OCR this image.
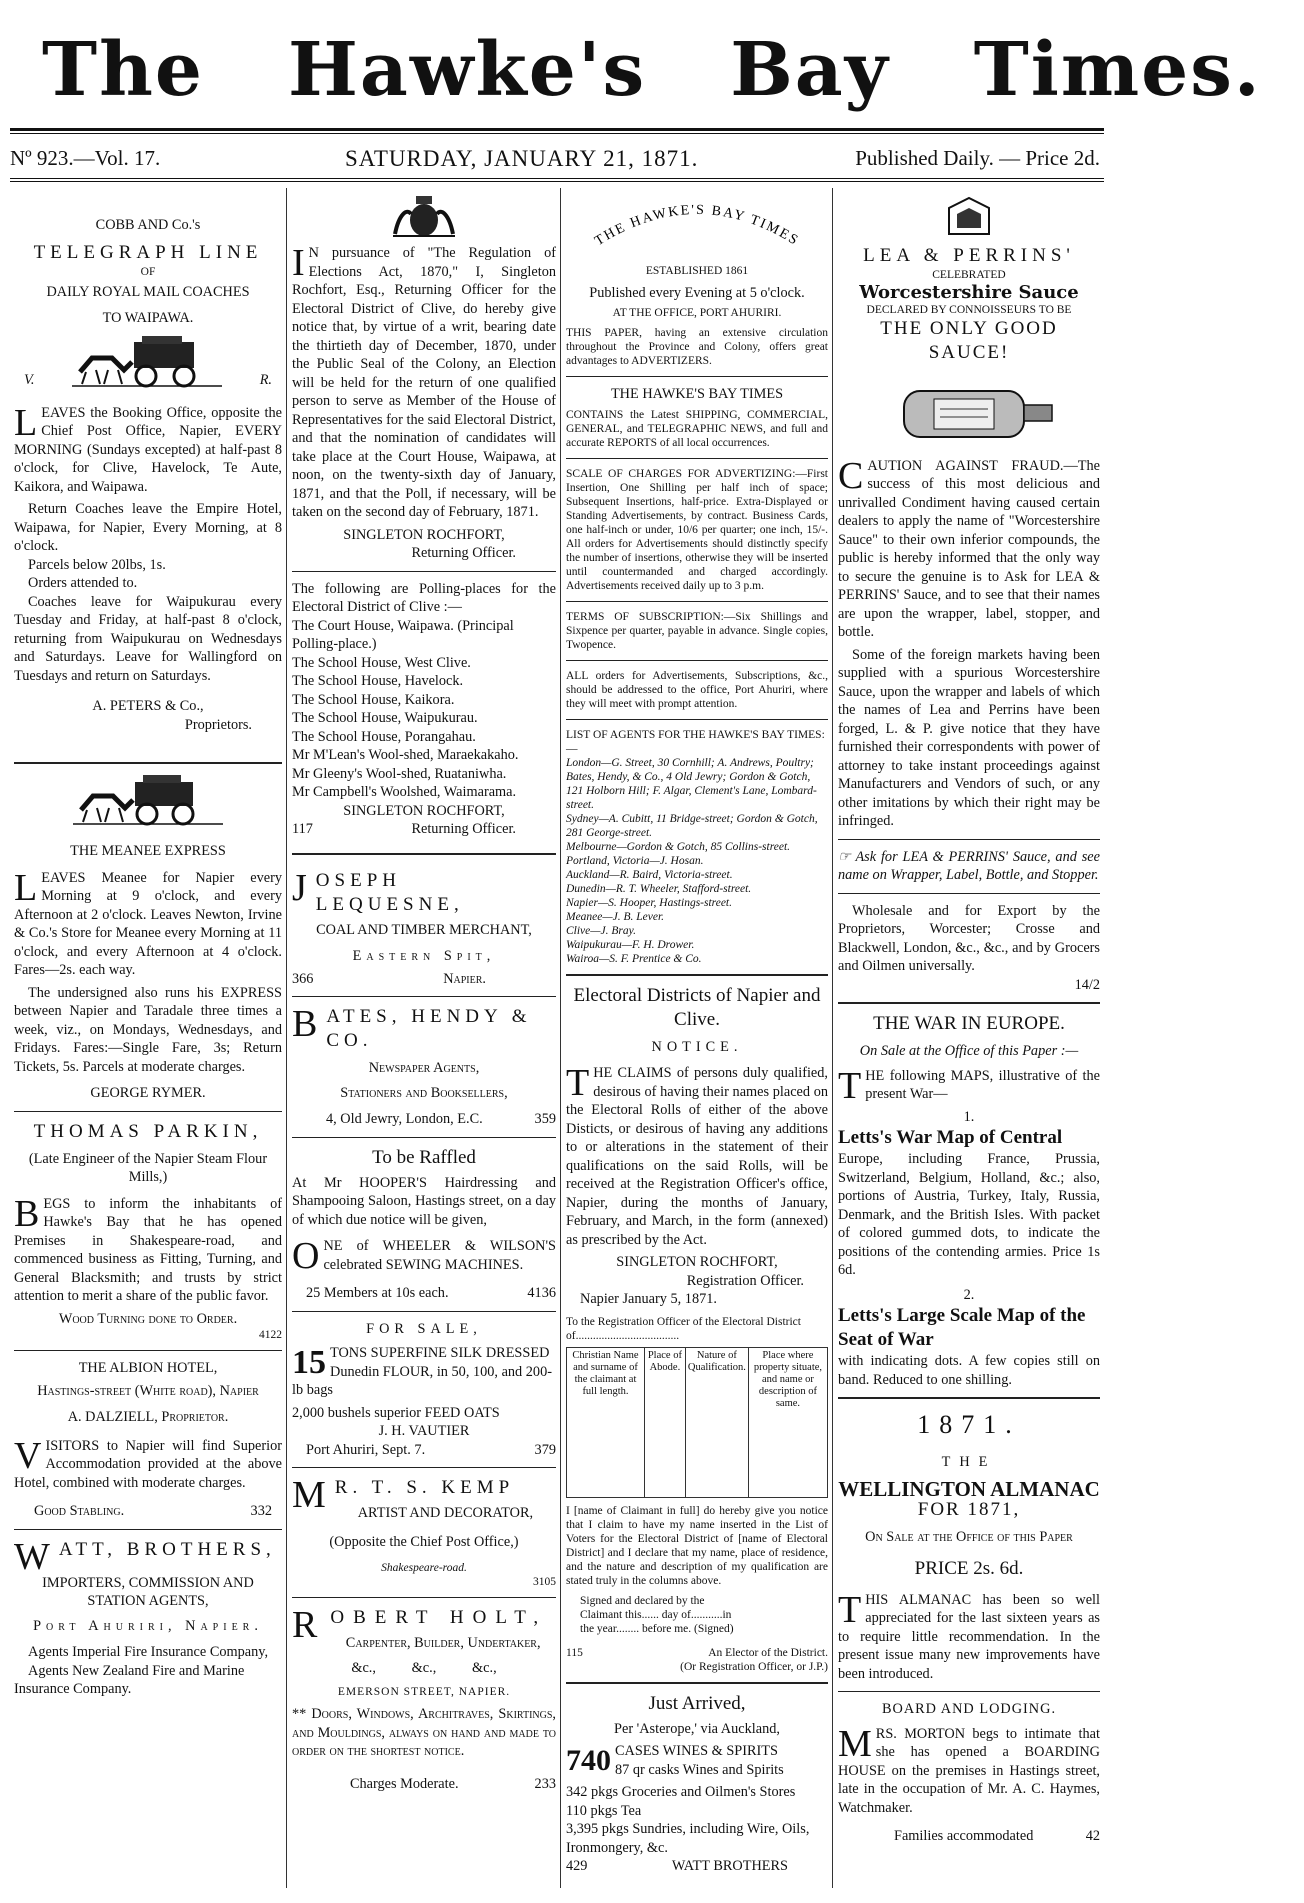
The Hawke's Bay Times.
Nº 923.—Vol. 17.	SATURDAY, JANUARY 21, 1871.	Published Daily. — Price 2d.
COBB AND Co.'s
TELEGRAPH LINE
OF
DAILY ROYAL MAIL COACHES
TO WAIPAWA.
V.	R.
LEAVES the Booking Office, opposite the Chief Post Office, Napier, EVERY MORNING (Sundays excepted) at half-past 8 o'clock, for Clive, Havelock, Te Aute, Kaikora, and Waipawa.
Return Coaches leave the Empire Hotel, Waipawa, for Napier, Every Morning, at 8 o'clock.
Parcels below 20lbs, 1s.
Orders attended to.
Coaches leave for Waipukurau every Tuesday and Friday, at half-past 8 o'clock, returning from Waipukurau on Wednesdays and Saturdays. Leave for Wallingford on Tuesdays and return on Saturdays.
A. PETERS & Co.,
Proprietors.
THE MEANEE EXPRESS
LEAVES Meanee for Napier every Morning at 9 o'clock, and every Afternoon at 2 o'clock. Leaves Newton, Irvine & Co.'s Store for Meanee every Morning at 11 o'clock, and every Afternoon at 4 o'clock. Fares—2s. each way.
The undersigned also runs his EXPRESS between Napier and Taradale three times a week, viz., on Mondays, Wednesdays, and Fridays. Fares:—Single Fare, 3s; Return Tickets, 5s. Parcels at moderate charges.
GEORGE RYMER.
THOMAS PARKIN,
(Late Engineer of the Napier Steam Flour Mills,)
BEGS to inform the inhabitants of Hawke's Bay that he has opened Premises in Shakespeare-road, and commenced business as Fitting, Turning, and General Blacksmith; and trusts by strict attention to merit a share of the public favor.
Wood Turning done to Order.
4122
THE ALBION HOTEL,
Hastings-street (White road), Napier
A. DALZIELL, Proprietor.
VISITORS to Napier will find Superior Accommodation provided at the above Hotel, combined with moderate charges.
Good Stabling.	332
WATT, BROTHERS,
IMPORTERS, COMMISSION AND STATION AGENTS,
Port Ahuriri, Napier.
Agents Imperial Fire Insurance Company,
Agents New Zealand Fire and Marine Insurance Company.
I N pursuance of "The Regulation of Elections Act, 1870," I, Singleton Rochfort, Esq., Returning Officer for the Electoral District of Clive, do hereby give notice that, by virtue of a writ, bearing date the thirtieth day of December, 1870, under the Public Seal of the Colony, an Election will be held for the return of one qualified person to serve as Member of the House of Representatives for the said Electoral District, and that the nomination of candidates will take place at the Court House, Waipawa, at noon, on the twenty-sixth day of January, 1871, and that the Poll, if necessary, will be taken on the second day of February, 1871.
SINGLETON ROCHFORT,
Returning Officer.
The following are Polling-places for the Electoral District of Clive :—
The Court House, Waipawa. (Principal Polling-place.)
The School House, West Clive.
The School House, Havelock.
The School House, Kaikora.
The School House, Waipukurau.
The School House, Porangahau.
Mr M'Lean's Wool-shed, Maraekakaho.
Mr Gleeny's Wool-shed, Ruataniwha.
Mr Campbell's Woolshed, Waimarama.
SINGLETON ROCHFORT,
117	Returning Officer.
JOSEPH LEQUESNE,
COAL AND TIMBER MERCHANT,
Eastern Spit,
366	Napier.
BATES, HENDY & CO.
Newspaper Agents,
Stationers and Booksellers,
4, Old Jewry, London, E.C.	359
To be Raffled
At Mr HOOPER'S Hairdressing and Shampooing Saloon, Hastings street, on a day of which due notice will be given,
ONE of WHEELER & WILSON'S celebrated SEWING MACHINES.
25 Members at 10s each.	4136
FOR SALE,
15 TONS SUPERFINE SILK DRESSED Dunedin FLOUR, in 50, 100, and 200-lb bags
2,000 bushels superior FEED OATS
J. H. VAUTIER
Port Ahuriri, Sept. 7.	379
M R. T. S. KEMP
ARTIST AND DECORATOR,
(Opposite the Chief Post Office,)
Shakespeare-road.
3105
ROBERT HOLT,
Carpenter, Builder, Undertaker,
&c.,          &c.,          &c.,
EMERSON STREET, NAPIER.
** Doors, Windows, Architraves, Skirtings, and Mouldings, always on hand and made to order on the shortest notice.
Charges Moderate.	233
THE HAWKE'S BAY TIMES
ESTABLISHED 1861
Published every Evening at 5 o'clock.
AT THE OFFICE, PORT AHURIRI.
THIS PAPER, having an extensive circulation throughout the Province and Colony, offers great advantages to ADVERTIZERS.
THE HAWKE'S BAY TIMES
CONTAINS the Latest SHIPPING, COMMERCIAL, GENERAL, and TELEGRAPHIC NEWS, and full and accurate REPORTS of all local occurrences.
SCALE OF CHARGES FOR ADVERTIZING:—First Insertion, One Shilling per half inch of space; Subsequent Insertions, half-price. Extra-Displayed or Standing Advertisements, by contract. Business Cards, one half-inch or under, 10/6 per quarter; one inch, 15/-. All orders for Advertisements should distinctly specify the number of insertions, otherwise they will be inserted until countermanded and charged accordingly. Advertisements received daily up to 3 p.m.
TERMS OF SUBSCRIPTION:—Six Shillings and Sixpence per quarter, payable in advance. Single copies, Twopence.
ALL orders for Advertisements, Subscriptions, &c., should be addressed to the office, Port Ahuriri, where they will meet with prompt attention.
LIST OF AGENTS FOR THE HAWKE'S BAY TIMES:—
London—G. Street, 30 Cornhill; A. Andrews, Poultry; Bates, Hendy, & Co., 4 Old Jewry; Gordon & Gotch, 121 Holborn Hill; F. Algar, Clement's Lane, Lombard-street.
Sydney—A. Cubitt, 11 Bridge-street; Gordon & Gotch, 281 George-street.
Melbourne—Gordon & Gotch, 85 Collins-street.
Portland, Victoria—J. Hosan.
Auckland—R. Baird, Victoria-street.
Dunedin—R. T. Wheeler, Stafford-street.
Napier—S. Hooper, Hastings-street.
Meanee—J. B. Lever.
Clive—J. Bray.
Waipukurau—F. H. Drower.
Wairoa—S. F. Prentice & Co.
Electoral Districts of Napier and Clive.
NOTICE.
THE CLAIMS of persons duly qualified, desirous of having their names placed on the Electoral Rolls of either of the above Disticts, or desirous of having any additions to or alterations in the statement of their qualifications on the said Rolls, will be received at the Registration Officer's office, Napier, during the months of January, February, and March, in the form (annexed) as prescribed by the Act.
SINGLETON ROCHFORT,
Registration Officer.
Napier January 5, 1871.
To the Registration Officer of the Electoral District of....................................
Christian Name and surname of the claimant at full length.	Place of Abode.	Nature of Qualification.	Place where property situate, and name or description of same.
I [name of Claimant in full] do hereby give you notice that I claim to have my name inserted in the List of Voters for the Electoral District of [name of Electoral District] and I declare that my name, place of residence, and the nature and description of my qualification are stated truly in the columns above.
Signed and declared by the Claimant this...... day of...........in the year........ before me. (Signed)
115	An Elector of the District.
(Or Registration Officer, or J.P.)
Just Arrived,
Per 'Asterope,' via Auckland,
740 CASES WINES & SPIRITS
87 qr casks Wines and Spirits
342 pkgs Groceries and Oilmen's Stores
110 pkgs Tea
3,395 pkgs Sundries, including Wire, Oils, Ironmongery, &c.
429	WATT BROTHERS
LEA & PERRINS'
CELEBRATED
Worcestershire Sauce
DECLARED BY CONNOISSEURS TO BE
THE ONLY GOOD SAUCE!
CAUTION AGAINST FRAUD.—The success of this most delicious and unrivalled Condiment having caused certain dealers to apply the name of "Worcestershire Sauce" to their own inferior compounds, the public is hereby informed that the only way to secure the genuine is to Ask for LEA & PERRINS' Sauce, and to see that their names are upon the wrapper, label, stopper, and bottle.
Some of the foreign markets having been supplied with a spurious Worcestershire Sauce, upon the wrapper and labels of which the names of Lea and Perrins have been forged, L. & P. give notice that they have furnished their correspondents with power of attorney to take instant proceedings against Manufacturers and Vendors of such, or any other imitations by which their right may be infringed.
☞ Ask for LEA & PERRINS' Sauce, and see name on Wrapper, Label, Bottle, and Stopper.
Wholesale and for Export by the Proprietors, Worcester; Crosse and Blackwell, London, &c., &c., and by Grocers and Oilmen universally.
14/2
THE WAR IN EUROPE.
On Sale at the Office of this Paper :—
THE following MAPS, illustrative of the present War—
1.
Letts's War Map of Central
Europe, including France, Prussia, Switzerland, Belgium, Holland, &c.; also, portions of Austria, Turkey, Italy, Russia, Denmark, and the British Isles. With packet of colored gummed dots, to indicate the positions of the contending armies. Price 1s 6d.
2.
Letts's Large Scale Map of the Seat of War
with indicating dots. A few copies still on band. Reduced to one shilling.
1871.
THE
WELLINGTON ALMANAC
FOR 1871,
On Sale at the Office of this Paper
PRICE 2s. 6d.
THIS ALMANAC has been so well appreciated for the last sixteen years as to require little recommendation. In the present issue many new improvements have been introduced.
BOARD AND LODGING.
MRS. MORTON begs to intimate that she has opened a BOARDING HOUSE on the premises in Hastings street, late in the occupation of Mr. A. C. Haymes, Watchmaker.
Families accommodated	42
